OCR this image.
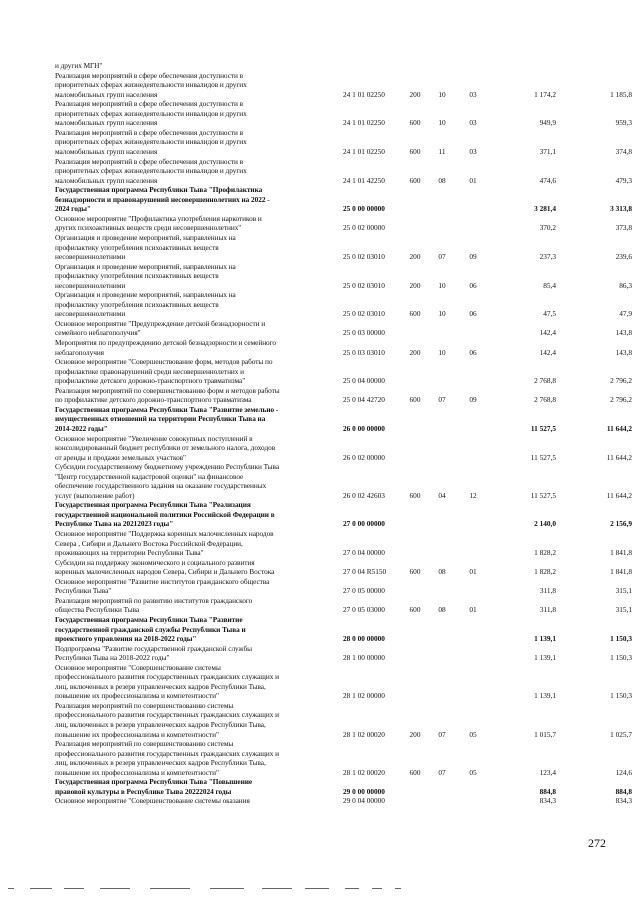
и других МГН"
Реализация мероприятий в сфере обеспечения доступности в
приоритетных сферах жизнедеятельности инвалидов и других
маломобильных групп населения	24 1 01 02250	200	10	03	1 174,2	1 185,8
Реализация мероприятий в сфере обеспечения доступности в
приоритетных сферах жизнедеятельности инвалидов и других
маломобильных групп населения	24 1 01 02250	600	10	03	949,9	959,3
Реализация мероприятий в сфере обеспечения доступности в
приоритетных сферах жизнедеятельности инвалидов и других
маломобильных групп населения	24 1 01 02250	600	11	03	371,1	374,8
Реализация мероприятий в сфере обеспечения доступности в
приоритетных сферах жизнедеятельности инвалидов и других
маломобильных групп населения	24 1 01 42250	600	08	01	474,6	479,3
Государственная программа Республики Тыва "Профилактика
безнадзорности и правонарушений несовершеннолетних на 2022 -
2024 годы"	25 0 00 00000	3 281,4	3 313,8
Основное мероприятие "Профилактика употребления наркотиков и
других психоактивных веществ среди несовершеннолетних"	25 0 02 00000	370,2	373,8
Организация и проведение мероприятий, направленных на
профилактику употребления психоактивных веществ
несовершеннолетними	25 0 02 03010	200	07	09	237,3	239,6
Организация и проведение мероприятий, направленных на
профилактику употребления психоактивных веществ
несовершеннолетними	25 0 02 03010	200	10	06	85,4	86,3
Организация и проведение мероприятий, направленных на
профилактику употребления психоактивных веществ
несовершеннолетними	25 0 02 03010	600	10	06	47,5	47,9
Основное мероприятие "Предупреждение детской безнадзорности и
семейного неблагополучия"	25 0 03 00000	142,4	143,8
Мероприятия по предупреждению детской безнадзорности и семейного
неблагополучия	25 0 03 03010	200	10	06	142,4	143,8
Основное мероприятие "Совершенствование форм, методов работы по
профилактике правонарушений среди несовершеннолетних и
профилактике детского дорожно-транспортного травматизма"	25 0 04 00000	2 768,8	2 796,2
Реализация мероприятий по совершенствованию форм и методов работы
по профилактике детского дорожно-транспортного травматизма	25 0 04 42720	600	07	09	2 768,8	2 796,2
Государственная программа Республики Тыва "Развитие земельно -
имущественных отношений на территории Республики Тыва на
2014-2022 годы"	26 0 00 00000	11 527,5	11 644,2
Основное мероприятие "Увеличение совокупных поступлений в
консолидированный бюджет республики от земельного налога, доходов
от аренды и продажи земельных участков"	26 0 02 00000	11 527,5	11 644,2
Субсидии государственному бюджетному учреждению Республики Тыва
"Центр государственной кадастровой оценки" на финансовое
обеспечение государственного задания на оказание государственных
услуг (выполнение работ)	26 0 02 42603	600	04	12	11 527,5	11 644,2
Государственная программа Республики Тыва "Реализация
государственной национальной политики Российской Федерации в
Республике Тыва на 20212023 годы"	27 0 00 00000	2 140,0	2 156,9
Основное мероприятие "Поддержка коренных малочисленных народов
Севера , Сибири и Дальнего Востока Российской Федерации,
проживающих на территории Республики Тыва"	27 0 04 00000	1 828,2	1 841,8
Субсидии на поддержку экономического и социального развития
коренных малочисленных народов Севера, Сибири и Дальнего Востока	27 0 04 R5150	600	08	01	1 828,2	1 841,8
Основное мероприятие "Развитие институтов гражданского общества
Республики Тыва"	27 0 05 00000	311,8	315,1
Реализация мероприятий по развитию институтов гражданского
общества Республики Тыва	27 0 05 03000	600	08	01	311,8	315,1
Государственная программа Республики Тыва "Развитие
государственной гражданской службы Республики Тыва и
проектного управления на 2018-2022 годы"	28 0 00 00000	1 139,1	1 150,3
Подпрограмма "Развитие государственной гражданской службы
Республики Тыва на 2018-2022 годы"	28 1 00 00000	1 139,1	1 150,3
Основное мероприятие "Совершенствование системы
профессионального развития государственных гражданских служащих и
лиц, включенных в резерв управленческих кадров Республики Тыва,
повышение их профессионализма и компетентности"	28 1 02 00000	1 139,1	1 150,3
Реализация мероприятий по совершенствованию системы
профессионального развития государственных гражданских служащих и
лиц, включенных в резерв управленческих кадров Республики Тыва,
повышение их профессионализма и компетентности"	28 1 02 00020	200	07	05	1 015,7	1 025,7
Реализация мероприятий по совершенствованию системы
профессионального развития государственных гражданских служащих и
лиц, включенных в резерв управленческих кадров Республики Тыва,
повышение их профессионализма и компетентности"	28 1 02 00020	600	07	05	123,4	124,6
Государственная программа Республики Тыва "Повышение
правовой культуры в Республике Тыва 20222024 годы	29 0 00 00000	884,8	884,8
Основное мероприятие "Совершенствование системы оказания	29 0 04 00000	834,3	834,3
272
